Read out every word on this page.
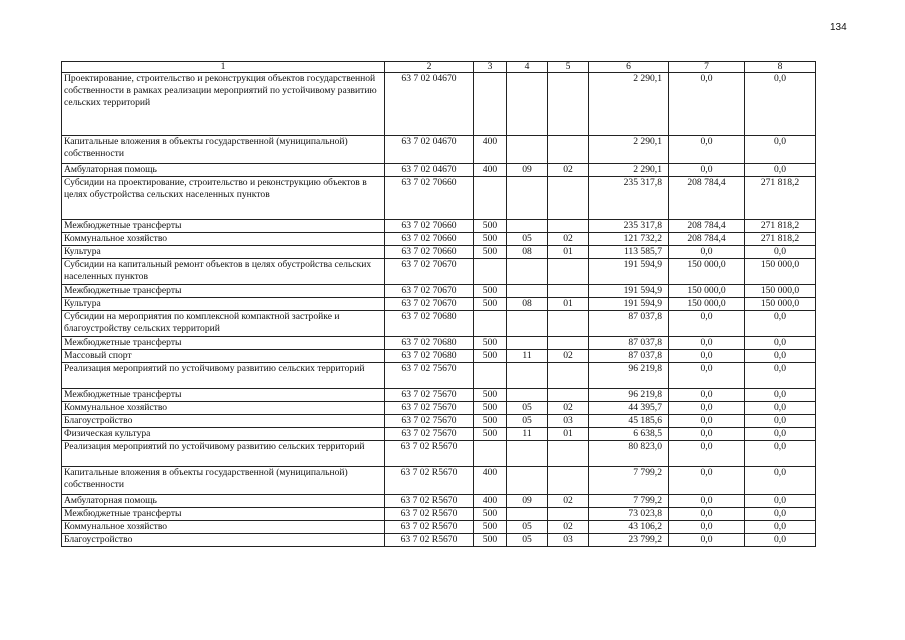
134
1	2	3	4	5	6	7	8
Проектирование, строительство и реконструкция объектов государственной собственности в рамках реализации мероприятий по устойчивому развитию сельских территорий	63 7 02 04670				2 290,1	0,0	0,0
Капитальные вложения в объекты государственной (муниципальной) собственности	63 7 02 04670	400			2 290,1	0,0	0,0
Амбулаторная помощь	63 7 02 04670	400	09	02	2 290,1	0,0	0,0
Субсидии на проектирование, строительство и реконструкцию объектов в целях обустройства сельских населенных пунктов	63 7 02 70660				235 317,8	208 784,4	271 818,2
Межбюджетные трансферты	63 7 02 70660	500			235 317,8	208 784,4	271 818,2
Коммунальное хозяйство	63 7 02 70660	500	05	02	121 732,2	208 784,4	271 818,2
Культура	63 7 02 70660	500	08	01	113 585,7	0,0	0,0
Субсидии на капитальный ремонт объектов в целях обустройства сельских населенных пунктов	63 7 02 70670				191 594,9	150 000,0	150 000,0
Межбюджетные трансферты	63 7 02 70670	500			191 594,9	150 000,0	150 000,0
Культура	63 7 02 70670	500	08	01	191 594,9	150 000,0	150 000,0
Субсидии на мероприятия по комплексной компактной застройке и благоустройству сельских территорий	63 7 02 70680				87 037,8	0,0	0,0
Межбюджетные трансферты	63 7 02 70680	500			87 037,8	0,0	0,0
Массовый спорт	63 7 02 70680	500	11	02	87 037,8	0,0	0,0
Реализация мероприятий по устойчивому развитию сельских территорий	63 7 02 75670				96 219,8	0,0	0,0
Межбюджетные трансферты	63 7 02 75670	500			96 219,8	0,0	0,0
Коммунальное хозяйство	63 7 02 75670	500	05	02	44 395,7	0,0	0,0
Благоустройство	63 7 02 75670	500	05	03	45 185,6	0,0	0,0
Физическая культура	63 7 02 75670	500	11	01	6 638,5	0,0	0,0
Реализация мероприятий по устойчивому развитию сельских территорий	63 7 02 R5670				80 823,0	0,0	0,0
Капитальные вложения в объекты государственной (муниципальной) собственности	63 7 02 R5670	400			7 799,2	0,0	0,0
Амбулаторная помощь	63 7 02 R5670	400	09	02	7 799,2	0,0	0,0
Межбюджетные трансферты	63 7 02 R5670	500			73 023,8	0,0	0,0
Коммунальное хозяйство	63 7 02 R5670	500	05	02	43 106,2	0,0	0,0
Благоустройство	63 7 02 R5670	500	05	03	23 799,2	0,0	0,0
